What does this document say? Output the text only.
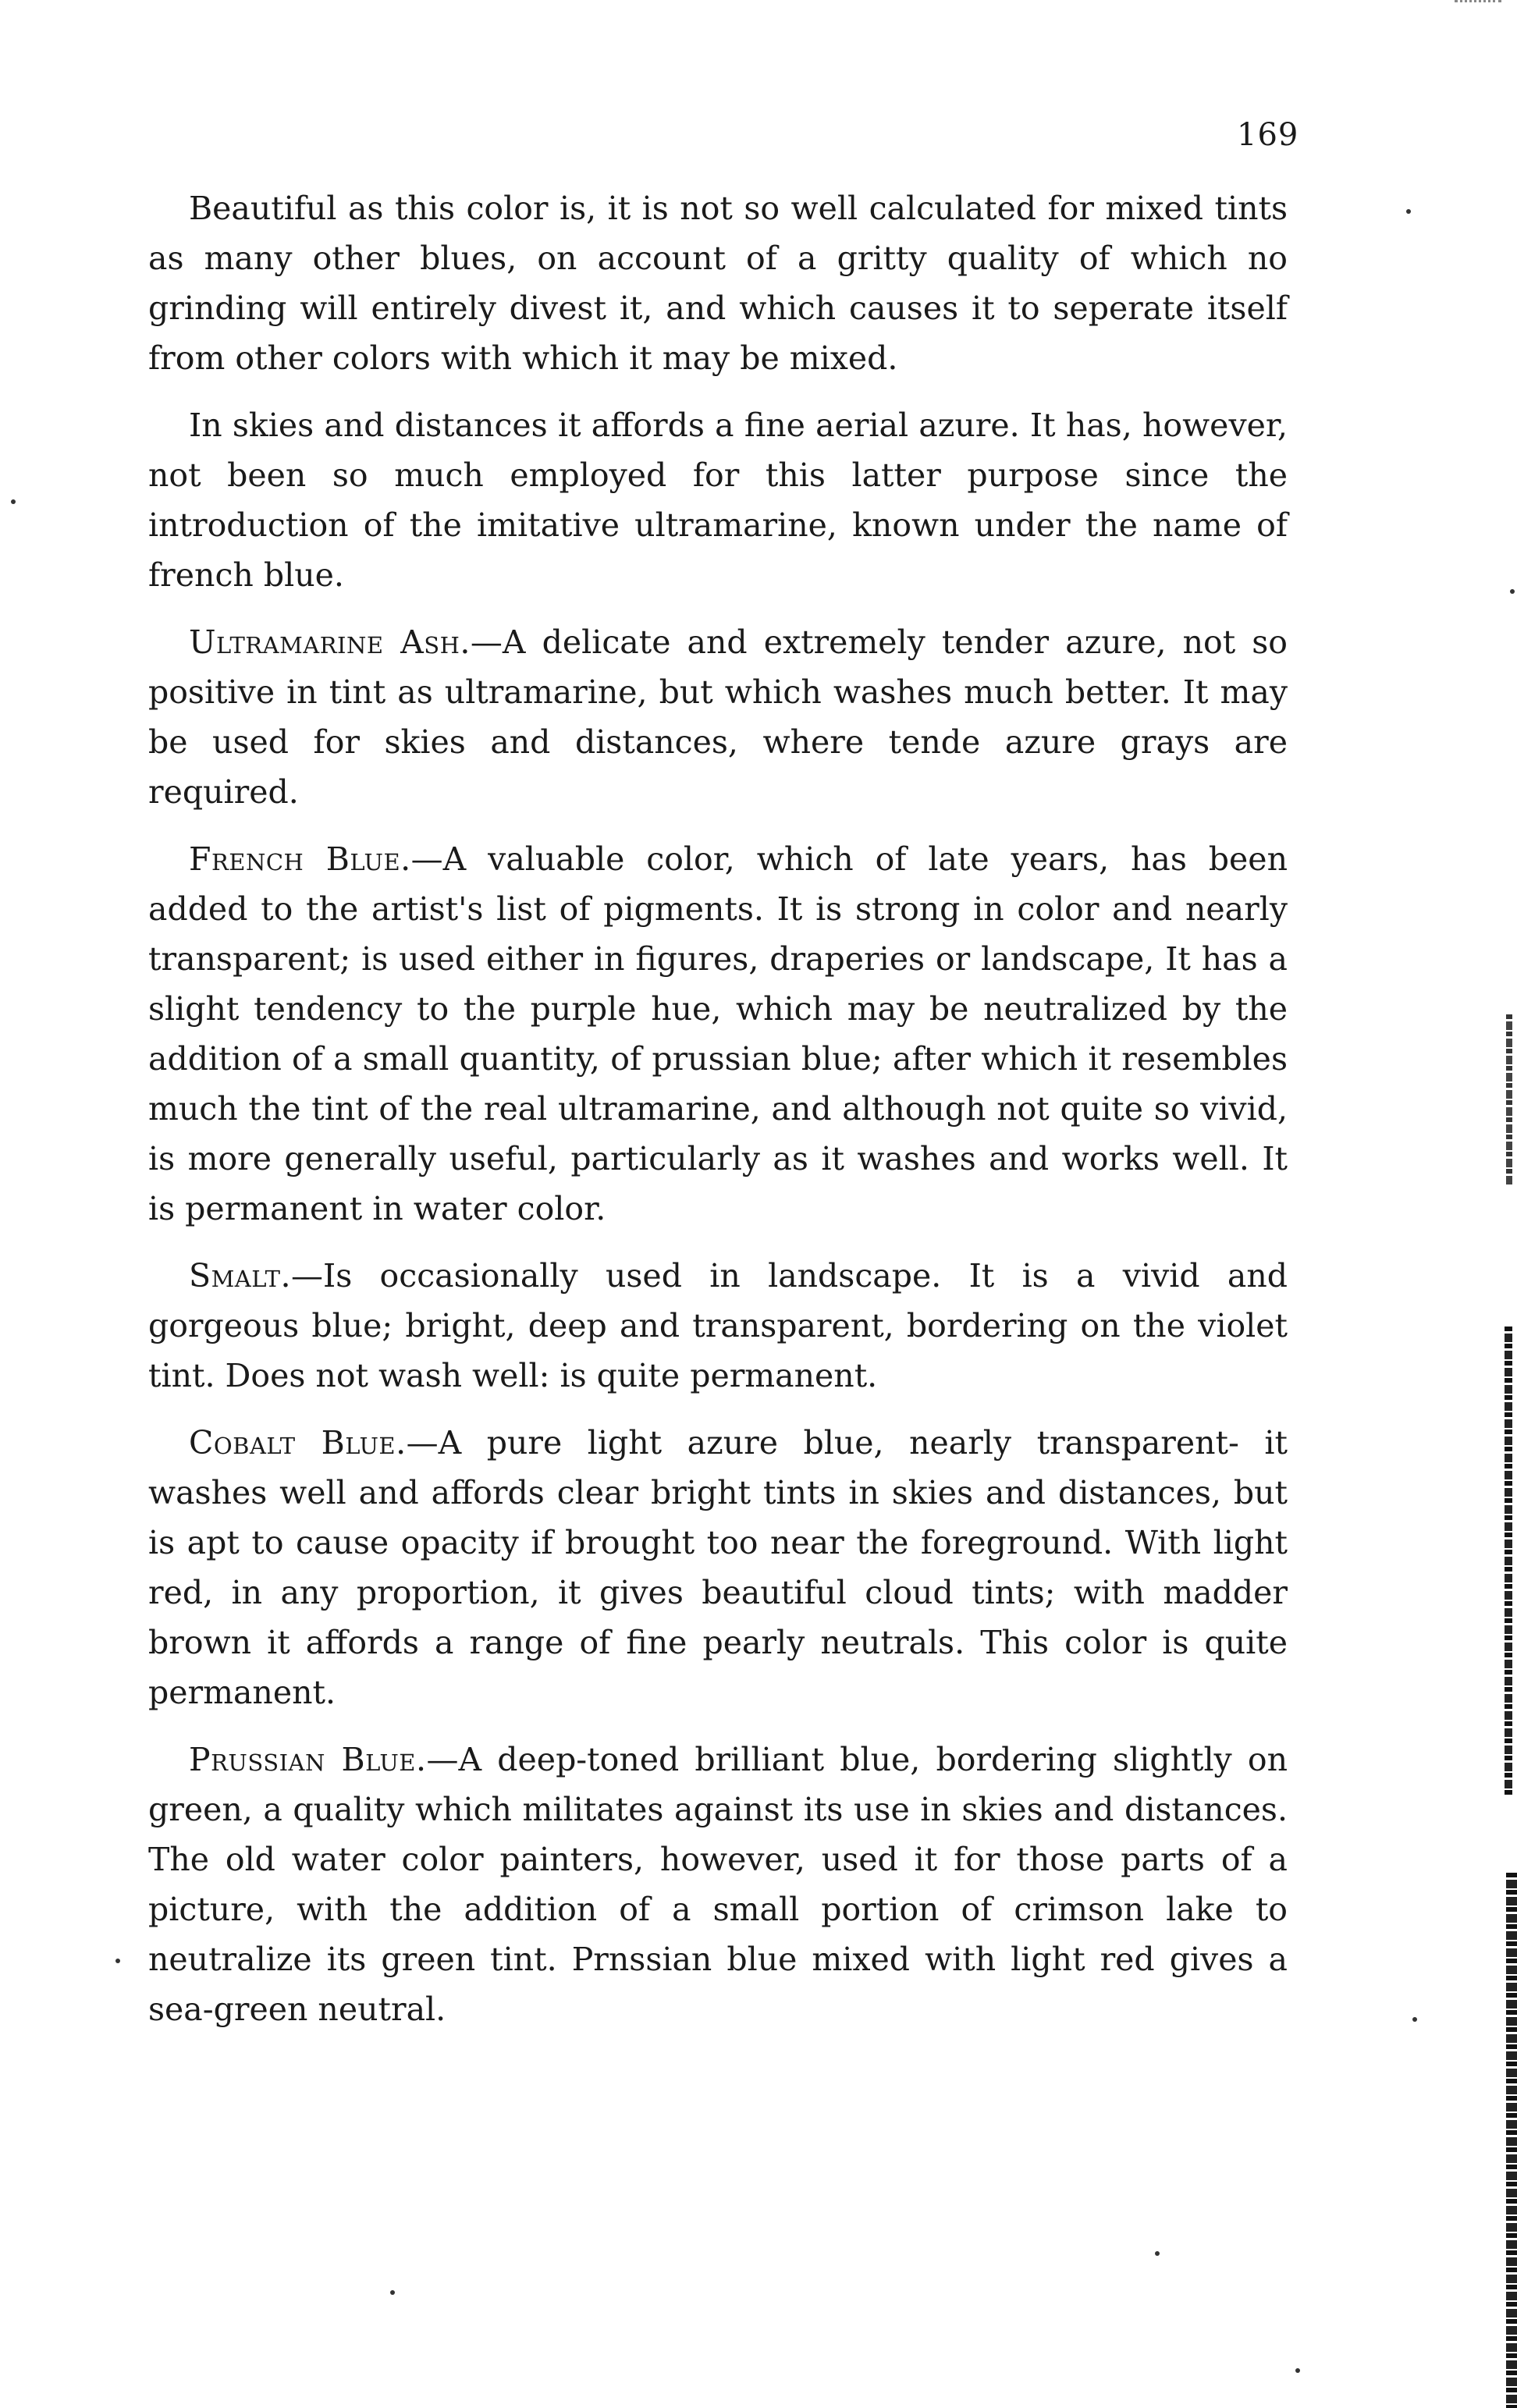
169

Beautiful as this color is, it is not so well calculated for mixed tints as many other blues, on account of a gritty quality of which no grinding will entirely divest it, and which causes it to seperate itself from other colors with which it may be mixed.

In skies and distances it affords a fine aerial azure. It has, however, not been so much employed for this latter purpose since the introduction of the imitative ultramarine, known under the name of french blue.

Ultramarine Ash.—A delicate and extremely tender azure, not so positive in tint as ultramarine, but which washes much better. It may be used for skies and distances, where tende azure grays are required.

French Blue.—A valuable color, which of late years, has been added to the artist's list of pigments. It is strong in color and nearly transparent; is used either in figures, draperies or landscape, It has a slight tendency to the purple hue, which may be neutralized by the addition of a small quantity, of prussian blue; after which it resembles much the tint of the real ultramarine, and although not quite so vivid, is more generally useful, particularly as it washes and works well. It is permanent in water color.

Smalt.—Is occasionally used in landscape. It is a vivid and gorgeous blue; bright, deep and transparent, bordering on the violet tint. Does not wash well: is quite permanent.

Cobalt Blue.—A pure light azure blue, nearly transparent- it washes well and affords clear bright tints in skies and distances, but is apt to cause opacity if brought too near the foreground. With light red, in any proportion, it gives beautiful cloud tints; with madder brown it affords a range of fine pearly neutrals. This color is quite permanent.

Prussian Blue.—A deep-toned brilliant blue, bordering slightly on green, a quality which militates against its use in skies and distances. The old water color painters, however, used it for those parts of a picture, with the addition of a small portion of crimson lake to neutralize its green tint. Prnssian blue mixed with light red gives a sea-green neutral.
